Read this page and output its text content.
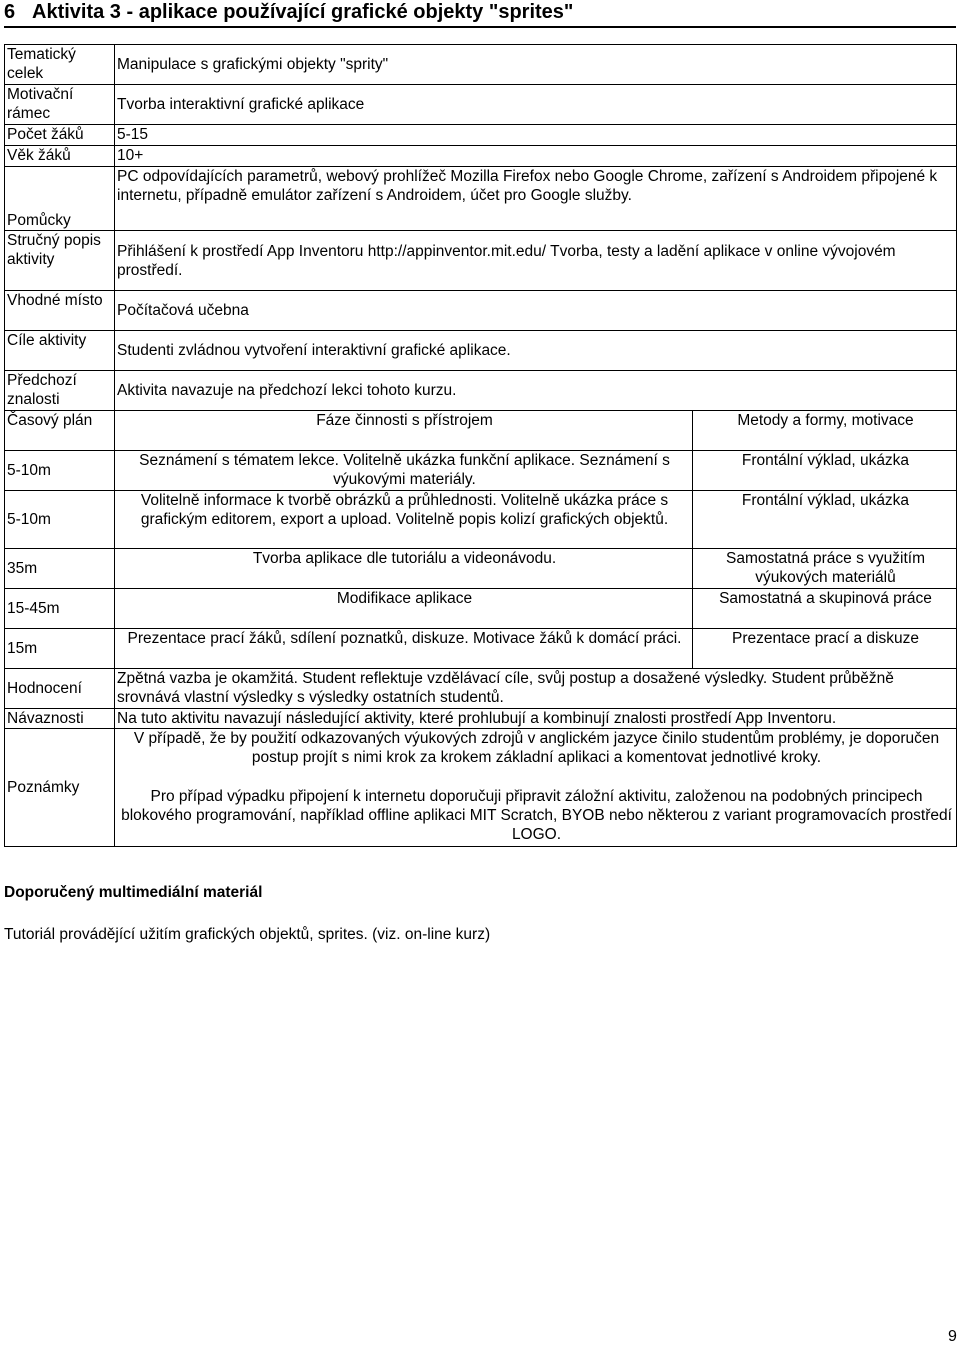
6 Aktivita 3 - aplikace používající grafické objekty "sprites"
Tematický celek	Manipulace s grafickými objekty "sprity"	
Motivační rámec	Tvorba interaktivní grafické aplikace	
Počet žáků	5-15	
Věk žáků	10+	
Pomůcky	PC odpovídajících parametrů, webový prohlížeč Mozilla Firefox nebo Google Chrome, zařízení s Androidem připojené k internetu, případně emulátor zařízení s Androidem, účet pro Google služby.	
Stručný popis aktivity	Přihlášení k prostředí App Inventoru http://appinventor.mit.edu/ Tvorba, testy a ladění aplikace v online vývojovém prostředí.	
Vhodné místo	Počítačová učebna	
Cíle aktivity	Studenti zvládnou vytvoření interaktivní grafické aplikace.	
Předchozí znalosti	Aktivita navazuje na předchozí lekci tohoto kurzu.	
Časový plán	Fáze činnosti s přístrojem	Metody a formy, motivace
5-10m	Seznámení s tématem lekce. Volitelně ukázka funkční aplikace. Seznámení s výukovými materiály.	Frontální výklad, ukázka
5-10m	Volitelně informace k tvorbě obrázků a průhlednosti. Volitelně ukázka práce s grafickým editorem, export a upload. Volitelně popis kolizí grafických objektů.	Frontální výklad, ukázka
35m	Tvorba aplikace dle tutoriálu a videonávodu.	Samostatná práce s využitím výukových materiálů
15-45m	Modifikace aplikace	Samostatná a skupinová práce
15m	Prezentace prací žáků, sdílení poznatků, diskuze. Motivace žáků k domácí práci.	Prezentace prací a diskuze
Hodnocení	Zpětná vazba je okamžitá. Student reflektuje vzdělávací cíle, svůj postup a dosažené výsledky. Student průběžně srovnává vlastní výsledky s výsledky ostatních studentů.	
Návaznosti	Na tuto aktivitu navazují následující aktivity, které prohlubují a kombinují znalosti prostředí App Inventoru.	
Poznámky	V případě, že by použití odkazovaných výukových zdrojů v anglickém jazyce činilo studentům problémy, je doporučen postup projít s nimi krok za krokem základní aplikaci a komentovat jednotlivé kroky.
Pro případ výpadku připojení k internetu doporučuji připravit záložní aktivitu, založenou na podobných principech blokového programování, například offline aplikaci MIT Scratch, BYOB nebo některou z variant programovacích prostředí LOGO.	
Doporučený multimediální materiál
Tutoriál provádějící užitím grafických objektů, sprites. (viz. on-line kurz)
9
